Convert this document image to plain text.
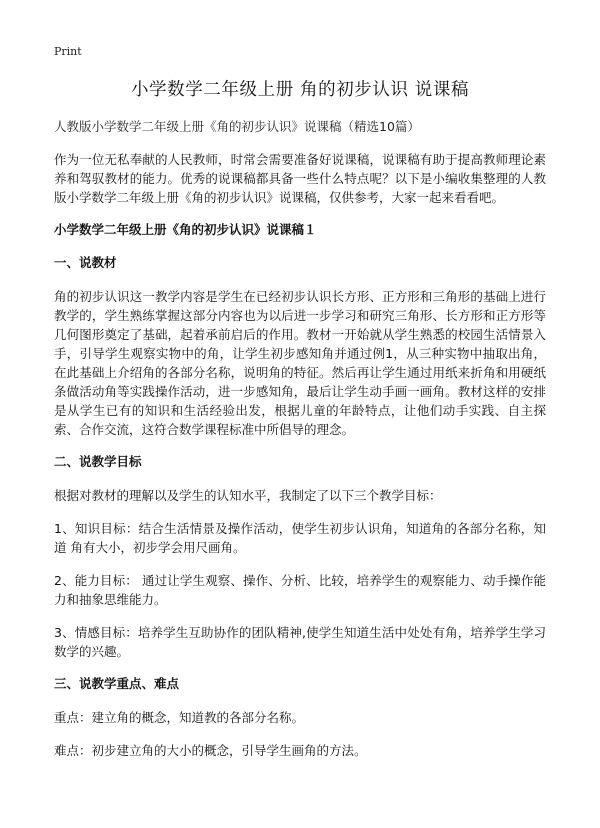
Print
小学数学二年级上册 角的初步认识 说课稿
人教版小学数学二年级上册《角的初步认识》说课稿（精选10篇）

作为一位无私奉献的人民教师，时常会需要准备好说课稿，说课稿有助于提高教师理论素养和驾驭教材的能力。优秀的说课稿都具备一些什么特点呢？以下是小编收集整理的人教版小学数学二年级上册《角的初步认识》说课稿，仅供参考，大家一起来看看吧。

小学数学二年级上册《角的初步认识》说课稿１
一、说教材

角的初步认识这一教学内容是学生在已经初步认识长方形、正方形和三角形的基础上进行教学的，学生熟练掌握这部分内容也为以后进一步学习和研究三角形、长方形和正方形等几何图形奠定了基础，起着承前启后的作用。教材一开始就从学生熟悉的校园生活情景入手，引导学生观察实物中的角，让学生初步感知角并通过例1，从三种实物中抽取出角，在此基础上介绍角的各部分名称，说明角的特征。然后再让学生通过用纸来折角和用硬纸条做活动角等实践操作活动，进一步感知角，最后让学生动手画一画角。教材这样的安排是从学生已有的知识和生活经验出发，根据儿童的年龄特点，让他们动手实践、自主探索、合作交流，这符合数学课程标准中所倡导的理念。

二、说教学目标

根据对教材的理解以及学生的认知水平，我制定了以下三个教学目标：

1、知识目标：结合生活情景及操作活动，使学生初步认识角，知道角的各部分名称，知道 角有大小，初步学会用尺画角。

2、能力目标： 通过让学生观察、操作、分析、比较，培养学生的观察能力、动手操作能力和抽象思维能力。

3、情感目标：培养学生互助协作的团队精神,使学生知道生活中处处有角，培养学生学习数学的兴趣。

三、说教学重点、难点

重点：建立角的概念，知道教的各部分名称。

难点：初步建立角的大小的概念，引导学生画角的方法。
